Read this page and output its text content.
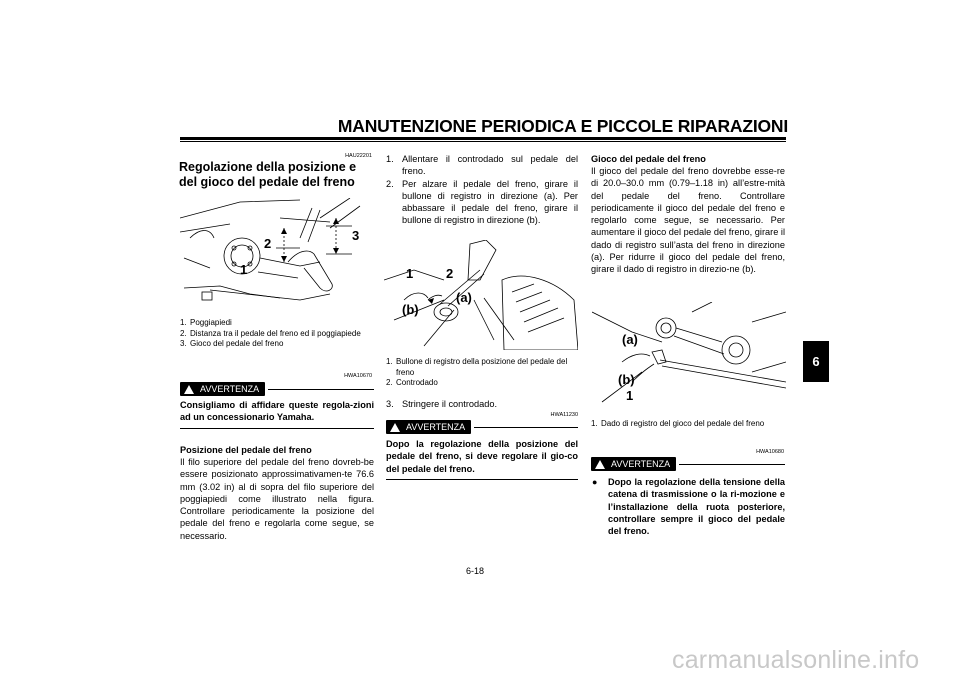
MANUTENZIONE PERIODICA E PICCOLE RIPARAZIONI
6
HAU22201
Regolazione della posizione e del gioco del pedale del freno
2
3
1
1. Poggiapiedi
2. Distanza tra il pedale del freno ed il poggiapiede
3. Gioco del pedale del freno
HWA10670
AVVERTENZA
Consigliamo di affidare queste regola-zioni ad un concessionario Yamaha.
Posizione del pedale del freno

Il filo superiore del pedale del freno dovreb-be essere posizionato approssimativamen-te 76.6 mm (3.02 in) al di sopra del filo superiore del poggiapiedi come illustrato nella figura. Controllare periodicamente la posizione del pedale del freno e regolarla come segue, se necessario.

1. Allentare il controdado sul pedale del freno.
2. Per alzare il pedale del freno, girare il bullone di registro in direzione (a). Per abbassare il pedale del freno, girare il bullone di registro in direzione (b).
1	2
(a)
(b)
1. Bullone di registro della posizione del pedale del freno
2. Controdado
3. Stringere il controdado.
HWA11230
AVVERTENZA
Dopo la regolazione della posizione del pedale del freno, si deve regolare il gio-co del pedale del freno.
Gioco del pedale del freno

Il gioco del pedale del freno dovrebbe esse-re di 20.0–30.0 mm (0.79–1.18 in) all’estre-mità del pedale del freno. Controllare periodicamente il gioco del pedale del freno e regolarlo come segue, se necessario. Per aumentare il gioco del pedale del freno, girare il dado di registro sull’asta del freno in direzione (a). Per ridurre il gioco del pedale del freno, girare il dado di registro in direzio-ne (b).

(a)
(b)
1
1. Dado di registro del gioco del pedale del freno
HWA10680
AVVERTENZA
●	Dopo la regolazione della tensione della catena di trasmissione o la ri-mozione e l’installazione della ruota posteriore, controllare sempre il gioco del pedale del freno.
6-18
carmanualsonline.info
